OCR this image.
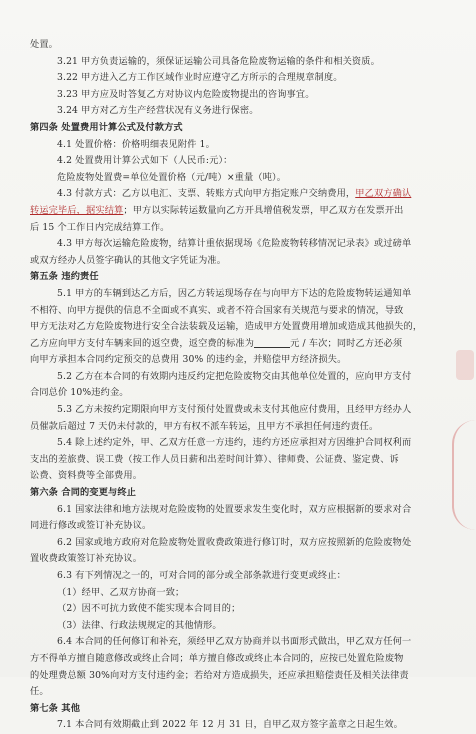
处置。
3.21 甲方负责运输的，须保证运输公司具备危险废物运输的条件和相关资质。
3.22 甲方进入乙方工作区域作业时应遵守乙方所示的合理规章制度。
3.23 甲方应及时答复乙方对协议内危险废物提出的咨询事宜。
3.24 甲方对乙方生产经营状况有义务进行保密。
第四条 处置费用计算公式及付款方式
4.1 处置价格：价格明细表见附件 1。
4.2 处置费用计算公式如下（人民币:元）：
危险废物处置费=单位处置价格（元/吨）×重量（吨）。
4.3 付款方式：乙方以电汇、支票、转账方式向甲方指定账户交纳费用，甲乙双方确认
转运完毕后，据实结算；甲方以实际转运数量向乙方开具增值税发票，甲乙双方在发票开出
后 15 个工作日内完成结算工作。
4.3 甲方每次运输危险废物，结算计重依据现场《危险废物转移情况记录表》或过磅单
或双方经办人员签字确认的其他文字凭证为准。
第五条 违约责任
5.1 甲方的车辆到达乙方后，因乙方转运现场存在与向甲方下达的危险废物转运通知单
不相符、向甲方提供的信息不全面或不真实、或者不符合国家有关规范与要求的情况，导致
甲方无法对乙方危险废物进行安全合法装载及运输，造成甲方处置费用增加或造成其他损失的，
乙方应向甲方支付车辆来回的返空费，返空费的标准为	元 / 车次；同时乙方还必须
向甲方承担本合同约定预交的总费用 30% 的违约金，并赔偿甲方经济损失。
5.2 乙方在本合同的有效期内违反约定把危险废物交由其他单位处置的，应向甲方支付
合同总价 10%违约金。
5.3 乙方未按约定期限向甲方支付预付处置费或未支付其他应付费用，且经甲方经办人
员催款后超过 7 天仍未付款的，甲方有权不派车转运，且甲方不承担任何违约责任。
5.4 除上述约定外，甲、乙双方任意一方违约，违约方还应承担对方因维护合同权利而
支出的差旅费、误工费（按工作人员日薪和出差时间计算）、律师费、公证费、鉴定费、诉
讼费、资料费等全部费用。
第六条 合同的变更与终止
6.1 国家法律和地方法规对危险废物的处置要求发生变化时，双方应根据新的要求对合
同进行修改或签订补充协议。
6.2 国家或地方政府对危险废物处置收费政策进行修订时，双方应按照新的危险废物处
置收费政策签订补充协议。
6.3 有下列情况之一的，可对合同的部分或全部条款进行变更或终止：
（1）经甲、乙双方协商一致；
（2）因不可抗力致使不能实现本合同目的；
（3）法律、行政法规规定的其他情形。
6.4 本合同的任何修订和补充，须经甲乙双方协商并以书面形式做出，甲乙双方任何一
方不得单方擅自随意修改或终止合同；单方擅自修改或终止本合同的，应按已处置危险废物
的处理费总额 30%向对方支付违约金；若给对方造成损失，还应承担赔偿责任及相关法律责
任。
第七条 其他
7.1 本合同有效期截止到 2022 年 12 月 31 日，自甲乙双方签字盖章之日起生效。
